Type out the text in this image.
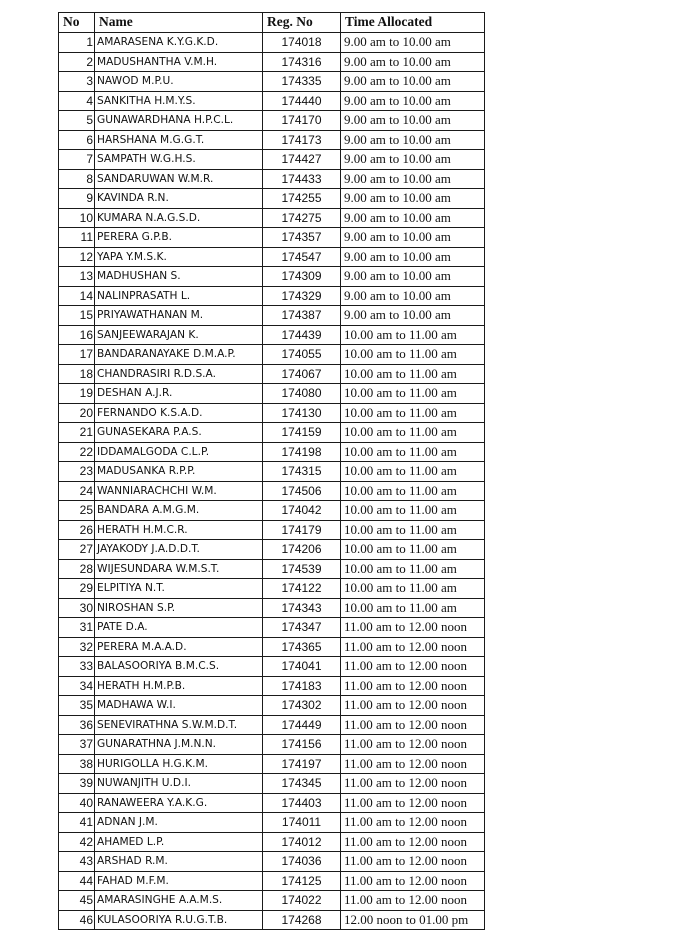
No	Name	Reg. No	Time Allocated
1	AMARASENA K.Y.G.K.D.	174018	9.00 am to 10.00 am
2	MADUSHANTHA V.M.H.	174316	9.00 am to 10.00 am
3	NAWOD M.P.U.	174335	9.00 am to 10.00 am
4	SANKITHA H.M.Y.S.	174440	9.00 am to 10.00 am
5	GUNAWARDHANA H.P.C.L.	174170	9.00 am to 10.00 am
6	HARSHANA M.G.G.T.	174173	9.00 am to 10.00 am
7	SAMPATH W.G.H.S.	174427	9.00 am to 10.00 am
8	SANDARUWAN W.M.R.	174433	9.00 am to 10.00 am
9	KAVINDA R.N.	174255	9.00 am to 10.00 am
10	KUMARA N.A.G.S.D.	174275	9.00 am to 10.00 am
11	PERERA G.P.B.	174357	9.00 am to 10.00 am
12	YAPA Y.M.S.K.	174547	9.00 am to 10.00 am
13	MADHUSHAN S.	174309	9.00 am to 10.00 am
14	NALINPRASATH L.	174329	9.00 am to 10.00 am
15	PRIYAWATHANAN M.	174387	9.00 am to 10.00 am
16	SANJEEWARAJAN K.	174439	10.00 am to 11.00 am
17	BANDARANAYAKE D.M.A.P.	174055	10.00 am to 11.00 am
18	CHANDRASIRI R.D.S.A.	174067	10.00 am to 11.00 am
19	DESHAN A.J.R.	174080	10.00 am to 11.00 am
20	FERNANDO K.S.A.D.	174130	10.00 am to 11.00 am
21	GUNASEKARA P.A.S.	174159	10.00 am to 11.00 am
22	IDDAMALGODA C.L.P.	174198	10.00 am to 11.00 am
23	MADUSANKA R.P.P.	174315	10.00 am to 11.00 am
24	WANNIARACHCHI W.M.	174506	10.00 am to 11.00 am
25	BANDARA A.M.G.M.	174042	10.00 am to 11.00 am
26	HERATH H.M.C.R.	174179	10.00 am to 11.00 am
27	JAYAKODY J.A.D.D.T.	174206	10.00 am to 11.00 am
28	WIJESUNDARA W.M.S.T.	174539	10.00 am to 11.00 am
29	ELPITIYA N.T.	174122	10.00 am to 11.00 am
30	NIROSHAN S.P.	174343	10.00 am to 11.00 am
31	PATE D.A.	174347	11.00 am to 12.00 noon
32	PERERA M.A.A.D.	174365	11.00 am to 12.00 noon
33	BALASOORIYA B.M.C.S.	174041	11.00 am to 12.00 noon
34	HERATH H.M.P.B.	174183	11.00 am to 12.00 noon
35	MADHAWA W.I.	174302	11.00 am to 12.00 noon
36	SENEVIRATHNA S.W.M.D.T.	174449	11.00 am to 12.00 noon
37	GUNARATHNA J.M.N.N.	174156	11.00 am to 12.00 noon
38	HURIGOLLA H.G.K.M.	174197	11.00 am to 12.00 noon
39	NUWANJITH U.D.I.	174345	11.00 am to 12.00 noon
40	RANAWEERA Y.A.K.G.	174403	11.00 am to 12.00 noon
41	ADNAN J.M.	174011	11.00 am to 12.00 noon
42	AHAMED L.P.	174012	11.00 am to 12.00 noon
43	ARSHAD R.M.	174036	11.00 am to 12.00 noon
44	FAHAD M.F.M.	174125	11.00 am to 12.00 noon
45	AMARASINGHE A.A.M.S.	174022	11.00 am to 12.00 noon
46	KULASOORIYA R.U.G.T.B.	174268	12.00 noon to 01.00 pm
